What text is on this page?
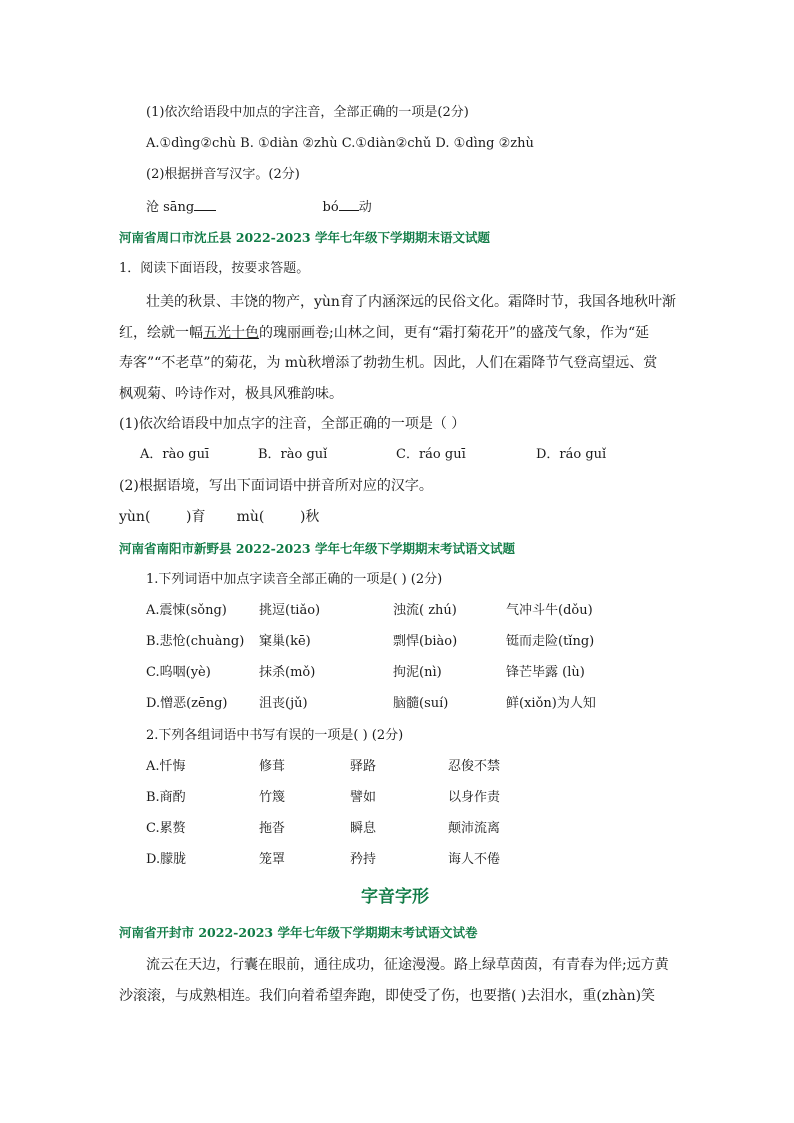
(1)依次给语段中加点的字注音，全部正确的一项是(2分)
A.①dìng②chù B. ①diàn ②zhù C.①diàn②chǔ D. ①dìng ②zhù
(2)根据拼音写汉字。(2分)
沧 sāng	bó 动
河南省周口市沈丘县 2022-2023 学年七年级下学期期末语文试题
1．阅读下面语段，按要求答题。
壮美的秋景、丰饶的物产，yùn育了内涵深远的民俗文化。霜降时节，我国各地秋叶渐
红，绘就一幅五光十色的瑰丽画卷;山林之间，更有“霜打菊花开”的盛茂气象，作为“延
寿客”“不老草”的菊花，为 mù秋增添了勃勃生机。因此，人们在霜降节气登高望远、赏
枫观菊、吟诗作对，极具风雅韵味。
(1)依次给语段中加点字的注音，全部正确的一项是（ ）
A．rào guī	B．rào guǐ	C．ráo guī	D．ráo guǐ
(2)根据语境，写出下面词语中拼音所对应的汉字。
yùn(        )育       mù(        )秋
河南省南阳市新野县 2022-2023 学年七年级下学期期末考试语文试题
1.下列词语中加点字读音全部正确的一项是( ) (2分)
A.震悚(sǒng) 挑逗(tiǎo)	浊流( zhú)	气冲斗牛(dǒu)
B.悲怆(chuàng) 窠巢(kē)	剽悍(biào)	铤而走险(tǐng)
C.呜咽(yè)	抹杀(mǒ)	拘泥(nì)	锋芒毕露 (lù)
D.憎恶(zēng) 沮丧(jǔ)	脑髓(suí)	鲜(xiǒn)为人知
2.下列各组词语中书写有误的一项是( ) (2分)
A.忏悔	修葺	驿路	忍俊不禁
B.商酌	竹篾	譬如	以身作责
C.累赘	拖沓	瞬息	颠沛流离
D.朦胧	笼罩	矜持	诲人不倦
字音字形
河南省开封市 2022-2023 学年七年级下学期期末考试语文试卷
流云在天边，行囊在眼前，通往成功，征途漫漫。路上绿草茵茵，有青春为伴;远方黄
沙滚滚，与成熟相连。我们向着希望奔跑，即使受了伤，也要揩( )去泪水，重(zhàn)笑
